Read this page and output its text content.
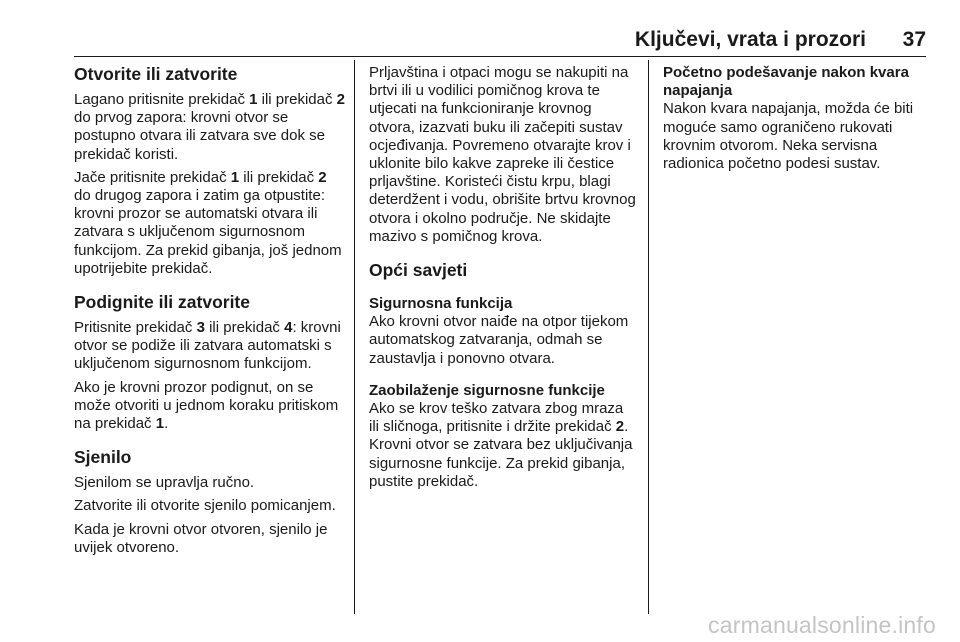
Ključevi, vrata i prozori 37
Otvorite ili zatvorite

Lagano pritisnite prekidač 1 ili prekidač 2 do prvog zapora: krovni otvor se postupno otvara ili zatvara sve dok se prekidač koristi.

Jače pritisnite prekidač 1 ili prekidač 2 do drugog zapora i zatim ga otpustite: krovni prozor se automatski otvara ili zatvara s uključenom sigurnosnom funkcijom. Za prekid gibanja, još jednom upotrijebite prekidač.

Podignite ili zatvorite

Pritisnite prekidač 3 ili prekidač 4: krovni otvor se podiže ili zatvara automatski s uključenom sigurnosnom funkcijom.

Ako je krovni prozor podignut, on se može otvoriti u jednom koraku pritiskom na prekidač 1.

Sjenilo

Sjenilom se upravlja ručno.

Zatvorite ili otvorite sjenilo pomicanjem.

Kada je krovni otvor otvoren, sjenilo je uvijek otvoreno.

Prljavština i otpaci mogu se nakupiti na brtvi ili u vodilici pomičnog krova te utjecati na funkcioniranje krovnog otvora, izazvati buku ili začepiti sustav ocjeđivanja. Povremeno otvarajte krov i uklonite bilo kakve zapreke ili čestice prljavštine. Koristeći čistu krpu, blagi deterdžent i vodu, obrišite brtvu krovnog otvora i okolno područje. Ne skidajte mazivo s pomičnog krova.

Opći savjeti
Sigurnosna funkcija

Ako krovni otvor naiđe na otpor tijekom automatskog zatvaranja, odmah se zaustavlja i ponovno otvara.

Zaobilaženje sigurnosne funkcije

Ako se krov teško zatvara zbog mraza ili sličnoga, pritisnite i držite prekidač 2. Krovni otvor se zatvara bez uključivanja sigurnosne funkcije. Za prekid gibanja, pustite prekidač.

Početno podešavanje nakon kvara napajanja

Nakon kvara napajanja, možda će biti moguće samo ograničeno rukovati krovnim otvorom. Neka servisna radionica početno podesi sustav.

carmanualsonline.info
